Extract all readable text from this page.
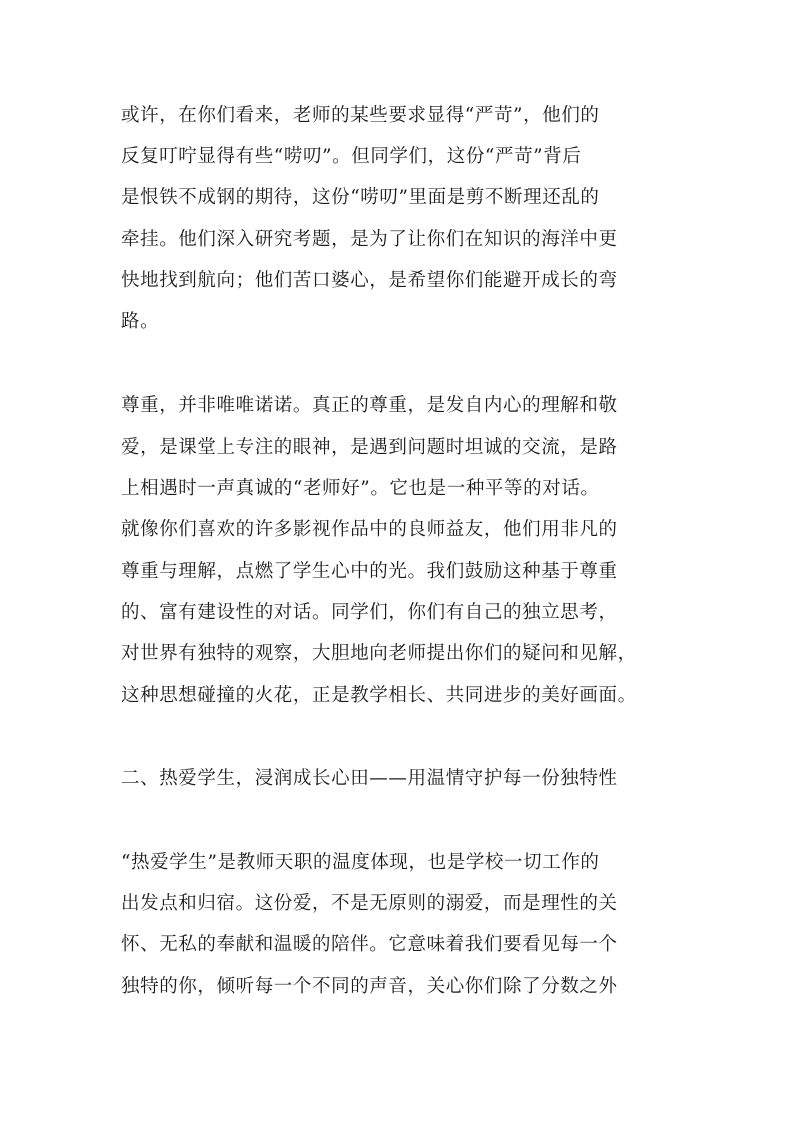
或许，在你们看来，老师的某些要求显得“严苛”，他们的
反复叮咛显得有些“唠叨”。但同学们，这份“严苛”背后
是恨铁不成钢的期待，这份“唠叨”里面是剪不断理还乱的
牵挂。他们深入研究考题，是为了让你们在知识的海洋中更
快地找到航向；他们苦口婆心，是希望你们能避开成长的弯
路。
尊重，并非唯唯诺诺。真正的尊重，是发自内心的理解和敬
爱，是课堂上专注的眼神，是遇到问题时坦诚的交流，是路
上相遇时一声真诚的“老师好”。它也是一种平等的对话。
就像你们喜欢的许多影视作品中的良师益友，他们用非凡的
尊重与理解，点燃了学生心中的光。我们鼓励这种基于尊重
的、富有建设性的对话。同学们，你们有自己的独立思考，
对世界有独特的观察，大胆地向老师提出你们的疑问和见解，
这种思想碰撞的火花，正是教学相长、共同进步的美好画面。
二、热爱学生，浸润成长心田——用温情守护每一份独特性
“热爱学生”是教师天职的温度体现，也是学校一切工作的
出发点和归宿。这份爱，不是无原则的溺爱，而是理性的关
怀、无私的奉献和温暖的陪伴。它意味着我们要看见每一个
独特的你，倾听每一个不同的声音，关心你们除了分数之外
